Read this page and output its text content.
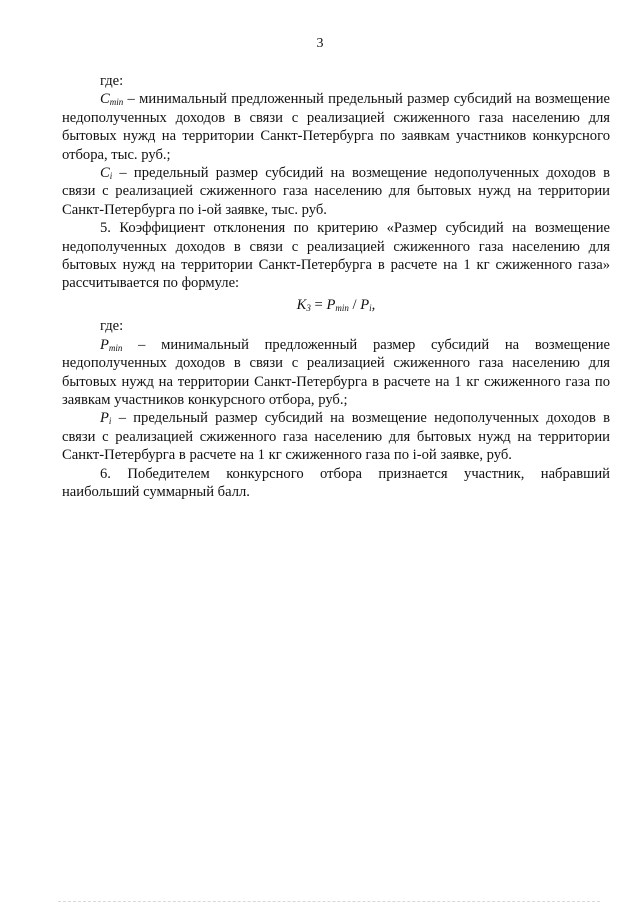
3

где:

$C_{min}$ – минимальный предложенный предельный размер субсидий на возмещение недополученных доходов в связи с реализацией сжиженного газа населению для бытовых нужд на территории Санкт-Петербурга по заявкам участников конкурсного отбора, тыс. руб.;

$C_i$ – предельный размер субсидий на возмещение недополученных доходов в связи с реализацией сжиженного газа населению для бытовых нужд на территории Санкт-Петербурга по i-ой заявке, тыс. руб.

5. Коэффициент отклонения по критерию «Размер субсидий на возмещение недополученных доходов в связи с реализацией сжиженного газа населению для бытовых нужд на территории Санкт-Петербурга в расчете на 1 кг сжиженного газа» рассчитывается по формуле:

$K_3 = P_{min} / P_i$,

где:

$P_{min}$ – минимальный предложенный размер субсидий на возмещение недополученных доходов в связи с реализацией сжиженного газа населению для бытовых нужд на территории Санкт-Петербурга в расчете на 1 кг сжиженного газа по заявкам участников конкурсного отбора, руб.;

$P_i$ – предельный размер субсидий на возмещение недополученных доходов в связи с реализацией сжиженного газа населению для бытовых нужд на территории Санкт-Петербурга в расчете на 1 кг сжиженного газа по i-ой заявке, руб.

6. Победителем конкурсного отбора признается участник, набравший наибольший суммарный балл.
